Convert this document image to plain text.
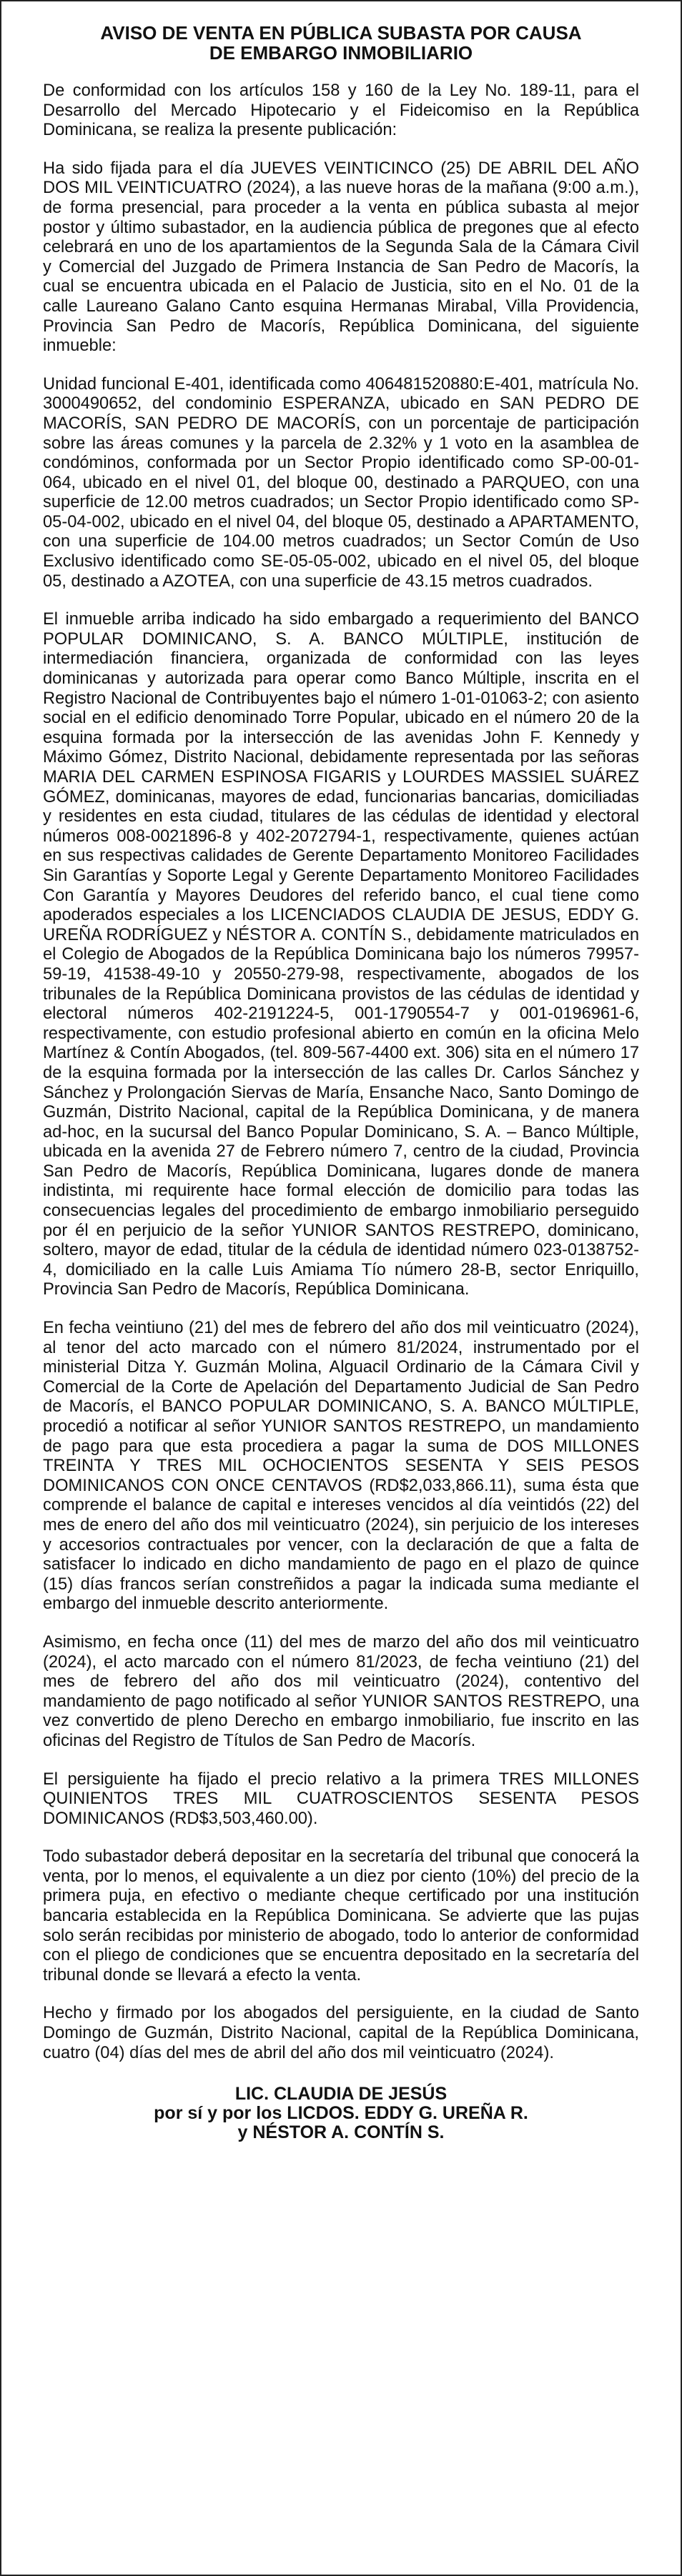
AVISO DE VENTA EN PÚBLICA SUBASTA POR CAUSA
DE EMBARGO INMOBILIARIO

De conformidad con los artículos 158 y 160 de la Ley No. 189-11, para el Desarrollo del Mercado Hipotecario y el Fideicomiso en la República Dominicana, se realiza la presente publicación:

Ha sido fijada para el día JUEVES VEINTICINCO (25) DE ABRIL DEL AÑO DOS MIL VEINTICUATRO (2024), a las nueve horas de la mañana (9:00 a.m.), de forma presencial, para proceder a la venta en pública subasta al mejor postor y último subastador, en la audiencia pública de pregones que al efecto celebrará en uno de los apartamientos de la Segunda Sala de la Cámara Civil y Comercial del Juzgado de Primera Instancia de San Pedro de Macorís, la cual se encuentra ubicada en el Palacio de Justicia, sito en el No. 01 de la calle Laureano Galano Canto esquina Hermanas Mirabal, Villa Providencia, Provincia San Pedro de Macorís, República Dominicana, del siguiente inmueble:

Unidad funcional E-401, identificada como 406481520880:E-401, matrícula No. 3000490652, del condominio ESPERANZA, ubicado en SAN PEDRO DE MACORÍS, SAN PEDRO DE MACORÍS, con un porcentaje de participación sobre las áreas comunes y la parcela de 2.32% y 1 voto en la asamblea de condóminos, conformada por un Sector Propio identificado como SP-00-01-064, ubicado en el nivel 01, del bloque 00, destinado a PARQUEO, con una superficie de 12.00 metros cuadrados; un Sector Propio identificado como SP-05-04-002, ubicado en el nivel 04, del bloque 05, destinado a APARTAMENTO, con una superficie de 104.00 metros cuadrados; un Sector Común de Uso Exclusivo identificado como SE-05-05-002, ubicado en el nivel 05, del bloque 05, destinado a AZOTEA, con una superficie de 43.15 metros cuadrados.

El inmueble arriba indicado ha sido embargado a requerimiento del BANCO POPULAR DOMINICANO, S. A. BANCO MÚLTIPLE, institución de intermediación financiera, organizada de conformidad con las leyes dominicanas y autorizada para operar como Banco Múltiple, inscrita en el Registro Nacional de Contribuyentes bajo el número 1-01-01063-2; con asiento social en el edificio denominado Torre Popular, ubicado en el número 20 de la esquina formada por la intersección de las avenidas John F. Kennedy y Máximo Gómez, Distrito Nacional, debidamente representada por las señoras MARIA DEL CARMEN ESPINOSA FIGARIS y LOURDES MASSIEL SUÁREZ GÓMEZ, dominicanas, mayores de edad, funcionarias bancarias, domiciliadas y residentes en esta ciudad, titulares de las cédulas de identidad y electoral números 008-0021896-8 y 402-2072794-1, respectivamente, quienes actúan en sus respectivas calidades de Gerente Departamento Monitoreo Facilidades Sin Garantías y Soporte Legal y Gerente Departamento Monitoreo Facilidades Con Garantía y Mayores Deudores del referido banco, el cual tiene como apoderados especiales a los LICENCIADOS CLAUDIA DE JESUS, EDDY G. UREÑA RODRÍGUEZ y NÉSTOR A. CONTÍN S., debidamente matriculados en el Colegio de Abogados de la República Dominicana bajo los números 79957-59-19, 41538-49-10 y 20550-279-98, respectivamente, abogados de los tribunales de la República Dominicana provistos de las cédulas de identidad y electoral números 402-2191224-5, 001-1790554-7 y 001-0196961-6, respectivamente, con estudio profesional abierto en común en la oficina Melo Martínez & Contín Abogados, (tel. 809-567-4400 ext. 306) sita en el número 17 de la esquina formada por la intersección de las calles Dr. Carlos Sánchez y Sánchez y Prolongación Siervas de María, Ensanche Naco, Santo Domingo de Guzmán, Distrito Nacional, capital de la República Dominicana, y de manera ad-hoc, en la sucursal del Banco Popular Dominicano, S. A. – Banco Múltiple, ubicada en la avenida 27 de Febrero número 7, centro de la ciudad, Provincia San Pedro de Macorís, República Dominicana, lugares donde de manera indistinta, mi requirente hace formal elección de domicilio para todas las consecuencias legales del procedimiento de embargo inmobiliario perseguido por él en perjuicio de la señor YUNIOR SANTOS RESTREPO, dominicano, soltero, mayor de edad, titular de la cédula de identidad número 023-0138752-4, domiciliado en la calle Luis Amiama Tío número 28-B, sector Enriquillo, Provincia San Pedro de Macorís, República Dominicana.

En fecha veintiuno (21) del mes de febrero del año dos mil veinticuatro (2024), al tenor del acto marcado con el número 81/2024, instrumentado por el ministerial Ditza Y. Guzmán Molina, Alguacil Ordinario de la Cámara Civil y Comercial de la Corte de Apelación del Departamento Judicial de San Pedro de Macorís, el BANCO POPULAR DOMINICANO, S. A. BANCO MÚLTIPLE, procedió a notificar al señor YUNIOR SANTOS RESTREPO, un mandamiento de pago para que esta procediera a pagar la suma de DOS MILLONES TREINTA Y TRES MIL OCHOCIENTOS SESENTA Y SEIS PESOS DOMINICANOS CON ONCE CENTAVOS (RD$2,033,866.11), suma ésta que comprende el balance de capital e intereses vencidos al día veintidós (22) del mes de enero del año dos mil veinticuatro (2024), sin perjuicio de los intereses y accesorios contractuales por vencer, con la declaración de que a falta de satisfacer lo indicado en dicho mandamiento de pago en el plazo de quince (15) días francos serían constreñidos a pagar la indicada suma mediante el embargo del inmueble descrito anteriormente.

Asimismo, en fecha once (11) del mes de marzo del año dos mil veinticuatro (2024), el acto marcado con el número 81/2023, de fecha veintiuno (21) del mes de febrero del año dos mil veinticuatro (2024), contentivo del mandamiento de pago notificado al señor YUNIOR SANTOS RESTREPO, una vez convertido de pleno Derecho en embargo inmobiliario, fue inscrito en las oficinas del Registro de Títulos de San Pedro de Macorís.

El persiguiente ha fijado el precio relativo a la primera TRES MILLONES QUINIENTOS TRES MIL CUATROSCIENTOS SESENTA PESOS DOMINICANOS (RD$3,503,460.00).

Todo subastador deberá depositar en la secretaría del tribunal que conocerá la venta, por lo menos, el equivalente a un diez por ciento (10%) del precio de la primera puja, en efectivo o mediante cheque certificado por una institución bancaria establecida en la República Dominicana. Se advierte que las pujas solo serán recibidas por ministerio de abogado, todo lo anterior de conformidad con el pliego de condiciones que se encuentra depositado en la secretaría del tribunal donde se llevará a efecto la venta.

Hecho y firmado por los abogados del persiguiente, en la ciudad de Santo Domingo de Guzmán, Distrito Nacional, capital de la República Dominicana, cuatro (04) días del mes de abril del año dos mil veinticuatro (2024).

LIC. CLAUDIA DE JESÚS
por sí y por los LICDOS. EDDY G. UREÑA R.
y NÉSTOR A. CONTÍN S.
